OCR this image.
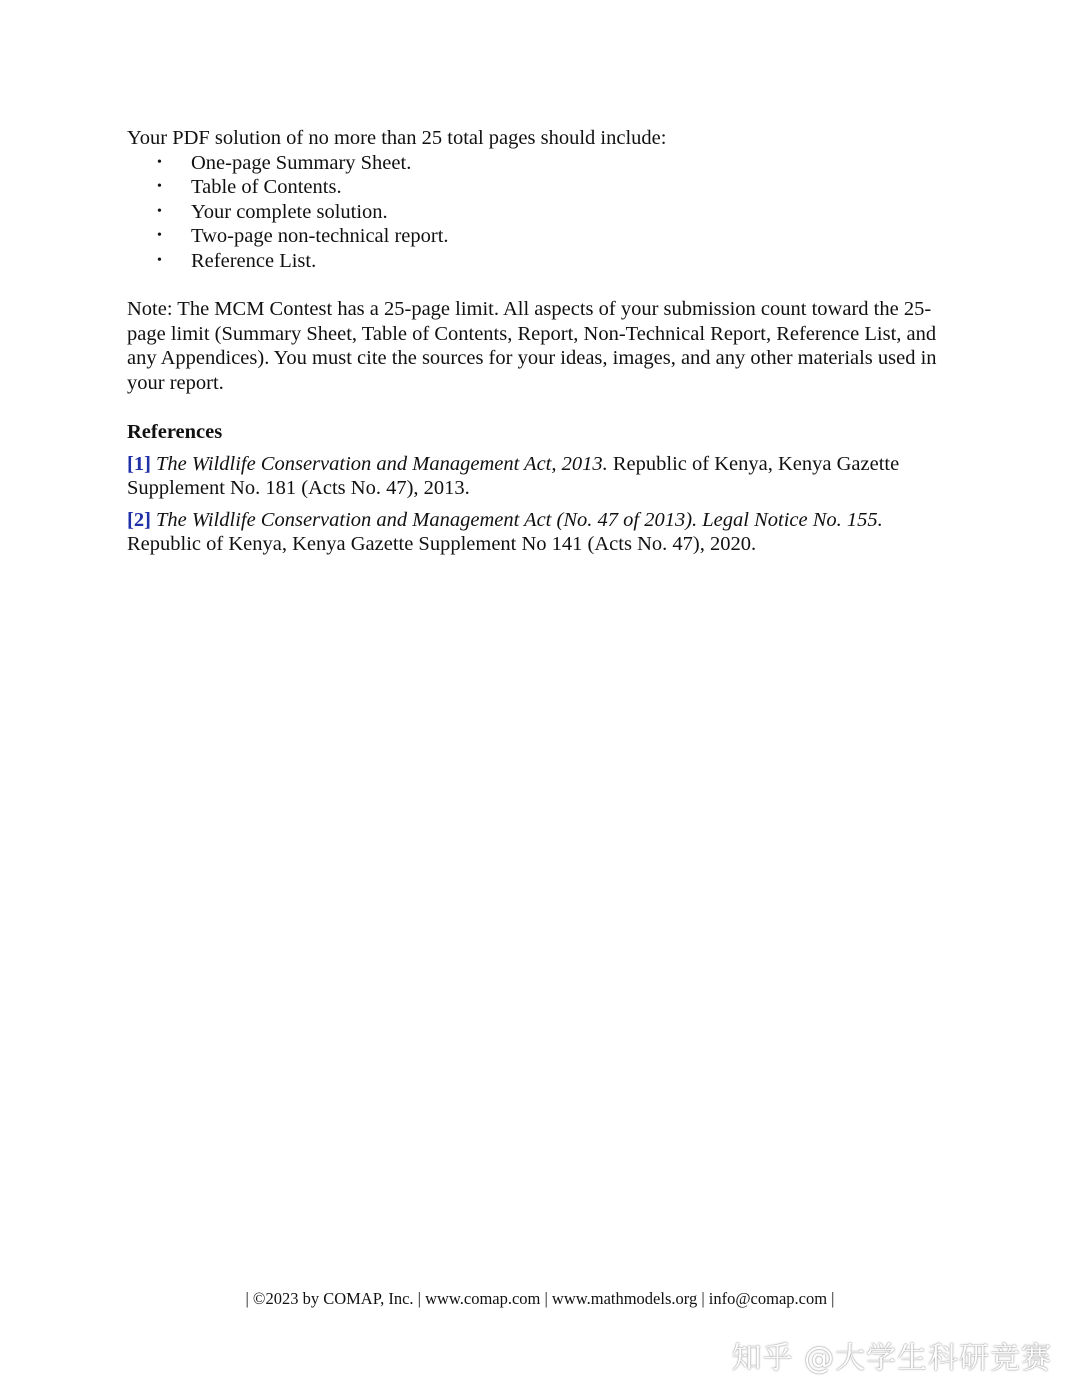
Your PDF solution of no more than 25 total pages should include:

• One-page Summary Sheet.
• Table of Contents.
• Your complete solution.
• Two-page non-technical report.
• Reference List.

Note: The MCM Contest has a 25-page limit. All aspects of your submission count toward the 25-page limit (Summary Sheet, Table of Contents, Report, Non-Technical Report, Reference List, and any Appendices). You must cite the sources for your ideas, images, and any other materials used in your report.

References

[1] The Wildlife Conservation and Management Act, 2013. Republic of Kenya, Kenya Gazette Supplement No. 181 (Acts No. 47), 2013.

[2] The Wildlife Conservation and Management Act (No. 47 of 2013). Legal Notice No. 155. Republic of Kenya, Kenya Gazette Supplement No 141 (Acts No. 47), 2020.

| ©2023 by COMAP, Inc. | www.comap.com | www.mathmodels.org | info@comap.com |
知乎 @大学生科研竞赛
